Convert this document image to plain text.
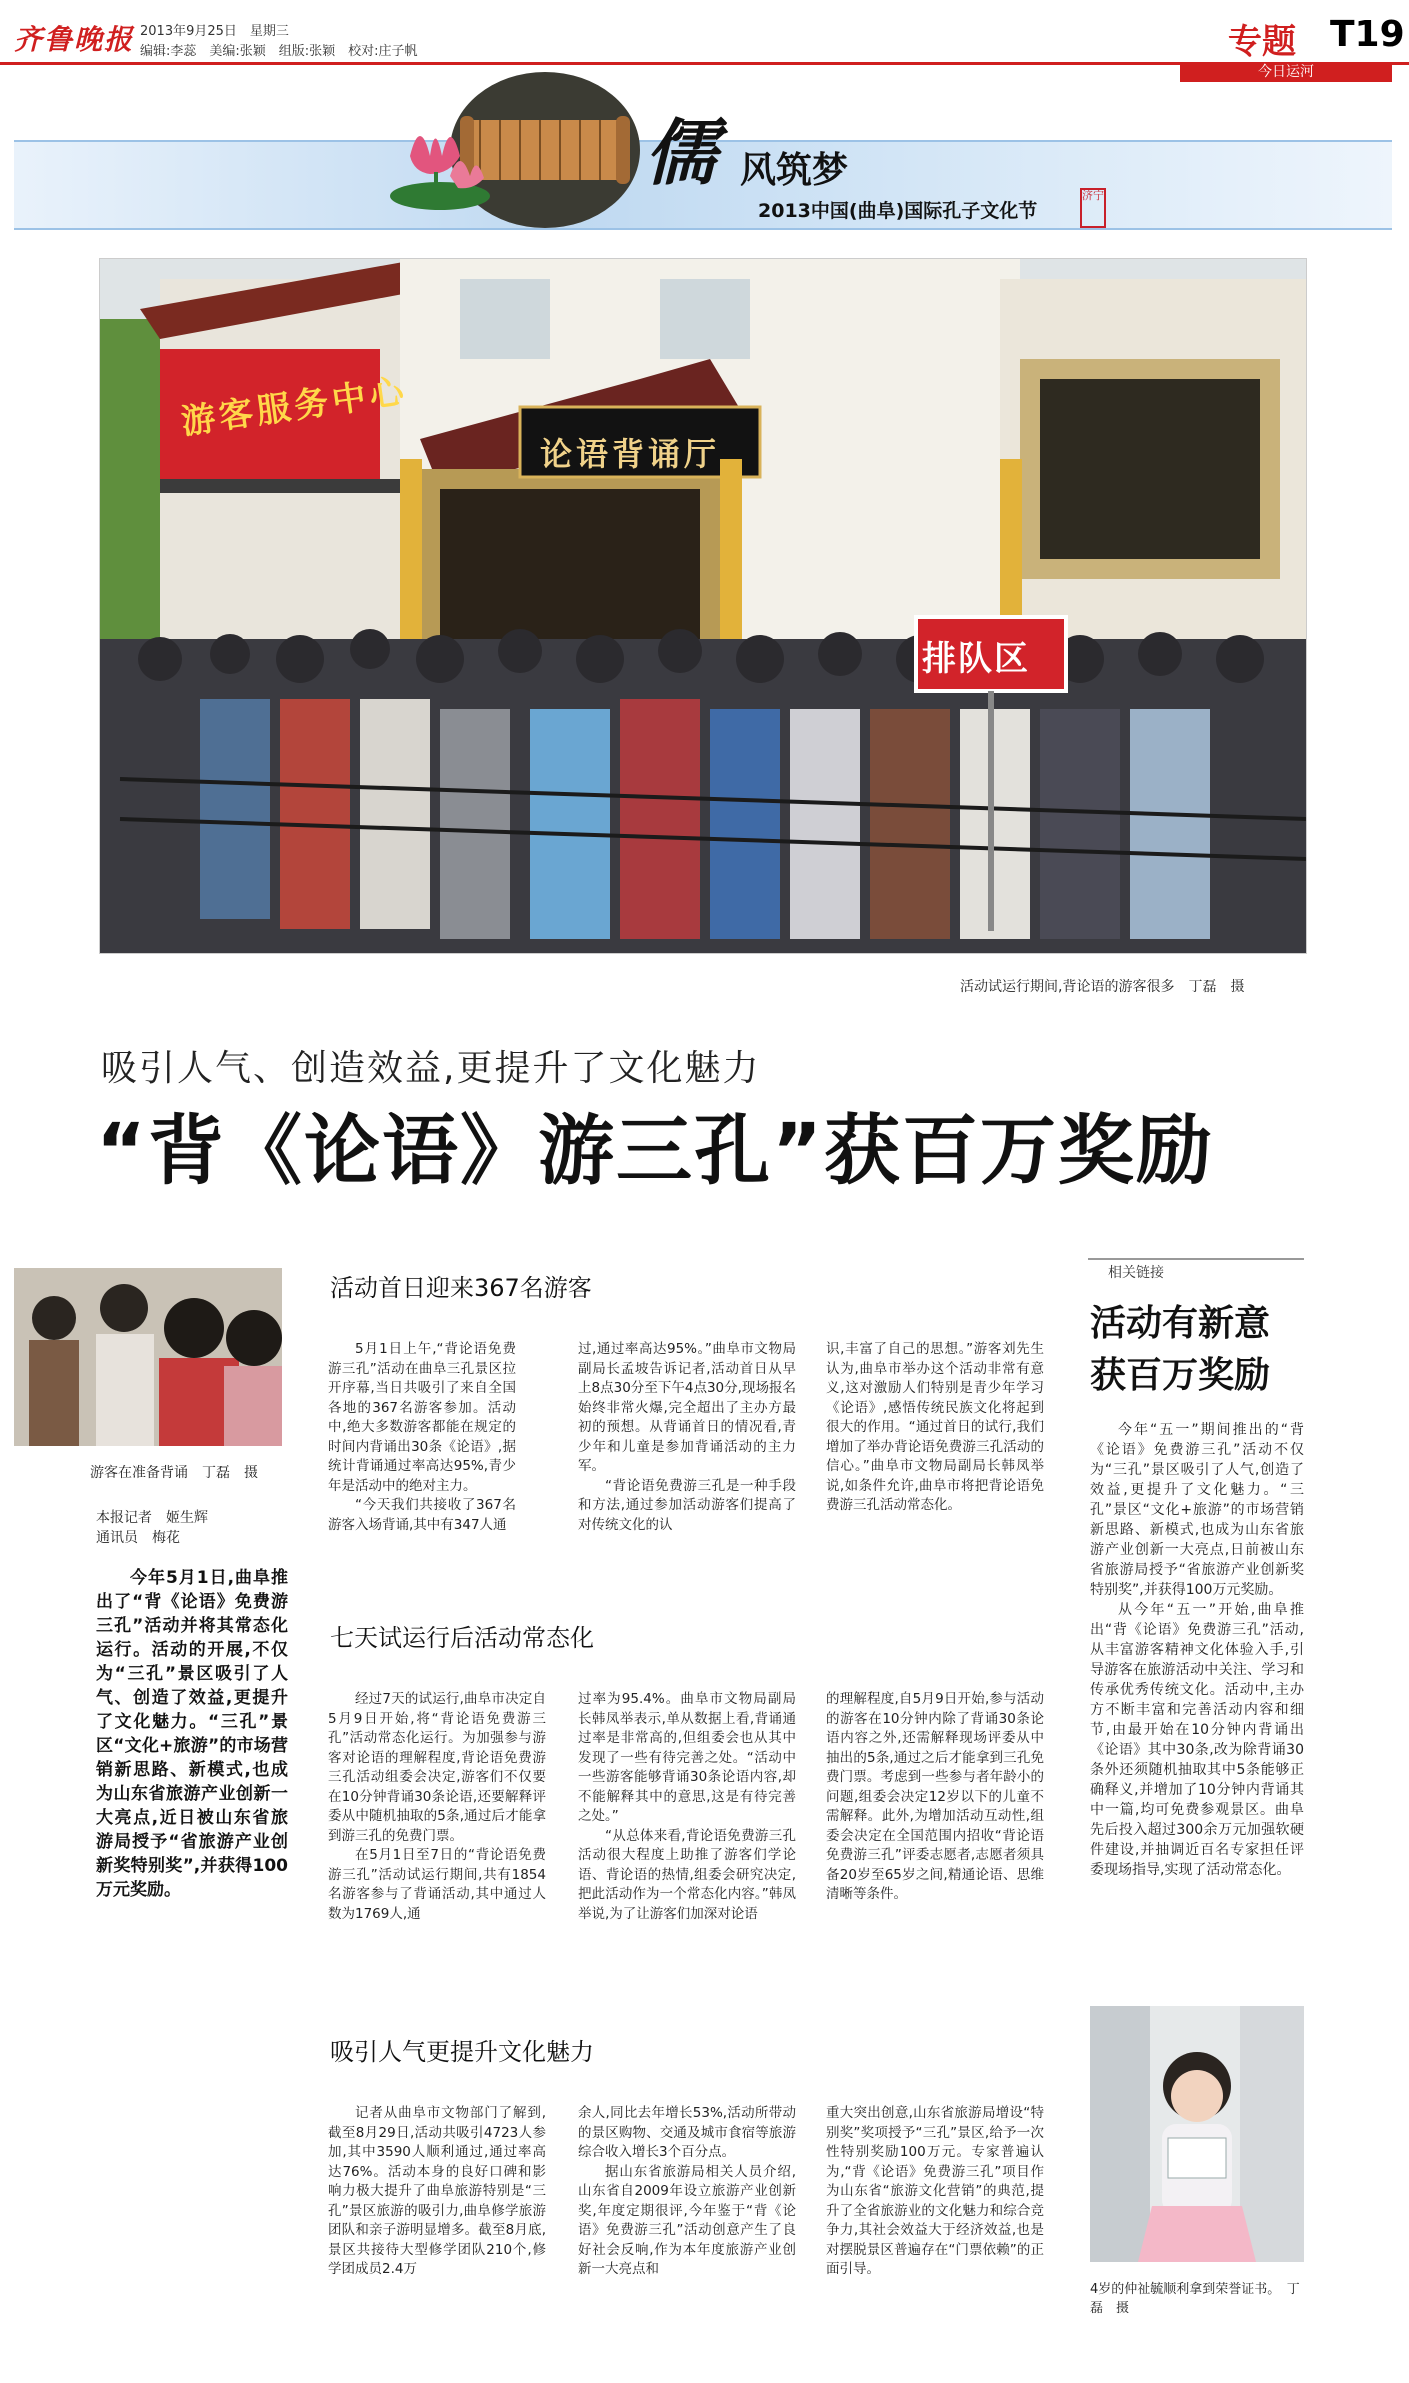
齐鲁晚报 2013年9月25日　星期三
编辑:李蕊　美编:张颖　组版:张颖　校对:庄子帆	专题 T19
今日运河
儒 风筑梦
2013中国(曲阜)国际孔子文化节
济宁
游客服务中心
论语背诵厅
排队区
活动试运行期间,背论语的游客很多　丁磊　摄
吸引人气、创造效益,更提升了文化魅力
“背《论语》游三孔”获百万奖励
游客在准备背诵　丁磊　摄
本报记者　姬生辉
通讯员　梅花
今年5月1日,曲阜推出了“背《论语》免费游三孔”活动并将其常态化运行。活动的开展,不仅为“三孔”景区吸引了人气、创造了效益,更提升了文化魅力。“三孔”景区“文化+旅游”的市场营销新思路、新模式,也成为山东省旅游产业创新一大亮点,近日被山东省旅游局授予“省旅游产业创新奖特别奖”,并获得100万元奖励。
活动首日迎来367名游客

5月1日上午,“背论语免费游三孔”活动在曲阜三孔景区拉开序幕,当日共吸引了来自全国各地的367名游客参加。活动中,绝大多数游客都能在规定的时间内背诵出30条《论语》,据统计背诵通过率高达95%,青少年是活动中的绝对主力。

“今天我们共接收了367名游客入场背诵,其中有347人通

过,通过率高达95%。”曲阜市文物局副局长孟坡告诉记者,活动首日从早上8点30分至下午4点30分,现场报名始终非常火爆,完全超出了主办方最初的预想。从背诵首日的情况看,青少年和儿童是参加背诵活动的主力军。

“背论语免费游三孔是一种手段和方法,通过参加活动游客们提高了对传统文化的认

识,丰富了自己的思想。”游客刘先生认为,曲阜市举办这个活动非常有意义,这对激励人们特别是青少年学习《论语》,感悟传统民族文化将起到很大的作用。“通过首日的试行,我们增加了举办背论语免费游三孔活动的信心。”曲阜市文物局副局长韩凤举说,如条件允许,曲阜市将把背论语免费游三孔活动常态化。

七天试运行后活动常态化

经过7天的试运行,曲阜市决定自5月9日开始,将“背论语免费游三孔”活动常态化运行。为加强参与游客对论语的理解程度,背论语免费游三孔活动组委会决定,游客们不仅要在10分钟背诵30条论语,还要解释评委从中随机抽取的5条,通过后才能拿到游三孔的免费门票。

在5月1日至7日的“背论语免费游三孔”活动试运行期间,共有1854名游客参与了背诵活动,其中通过人数为1769人,通

过率为95.4%。曲阜市文物局副局长韩凤举表示,单从数据上看,背诵通过率是非常高的,但组委会也从其中发现了一些有待完善之处。“活动中一些游客能够背诵30条论语内容,却不能解释其中的意思,这是有待完善之处。”

“从总体来看,背论语免费游三孔活动很大程度上助推了游客们学论语、背论语的热情,组委会研究决定,把此活动作为一个常态化内容。”韩凤举说,为了让游客们加深对论语

的理解程度,自5月9日开始,参与活动的游客在10分钟内除了背诵30条论语内容之外,还需解释现场评委从中抽出的5条,通过之后才能拿到三孔免费门票。考虑到一些参与者年龄小的问题,组委会决定12岁以下的儿童不需解释。此外,为增加活动互动性,组委会决定在全国范围内招收“背论语免费游三孔”评委志愿者,志愿者须具备20岁至65岁之间,精通论语、思维清晰等条件。

吸引人气更提升文化魅力

记者从曲阜市文物部门了解到,截至8月29日,活动共吸引4723人参加,其中3590人顺利通过,通过率高达76%。活动本身的良好口碑和影响力极大提升了曲阜旅游特别是“三孔”景区旅游的吸引力,曲阜修学旅游团队和亲子游明显增多。截至8月底,景区共接待大型修学团队210个,修学团成员2.4万

余人,同比去年增长53%,活动所带动的景区购物、交通及城市食宿等旅游综合收入增长3个百分点。

据山东省旅游局相关人员介绍,山东省自2009年设立旅游产业创新奖,年度定期很评,今年鉴于“背《论语》免费游三孔”活动创意产生了良好社会反响,作为本年度旅游产业创新一大亮点和

重大突出创意,山东省旅游局增设“特别奖”奖项授予“三孔”景区,给予一次性特别奖励100万元。专家普遍认为,“背《论语》免费游三孔”项目作为山东省“旅游文化营销”的典范,提升了全省旅游业的文化魅力和综合竞争力,其社会效益大于经济效益,也是对摆脱景区普遍存在“门票依赖”的正面引导。

相关链接
活动有新意
获百万奖励

今年“五一”期间推出的“背《论语》免费游三孔”活动不仅为“三孔”景区吸引了人气,创造了效益,更提升了文化魅力。“三孔”景区“文化+旅游”的市场营销新思路、新模式,也成为山东省旅游产业创新一大亮点,日前被山东省旅游局授予“省旅游产业创新奖特别奖”,并获得100万元奖励。

从今年“五一”开始,曲阜推出“背《论语》免费游三孔”活动,从丰富游客精神文化体验入手,引导游客在旅游活动中关注、学习和传承优秀传统文化。活动中,主办方不断丰富和完善活动内容和细节,由最开始在10分钟内背诵出《论语》其中30条,改为除背诵30条外还须随机抽取其中5条能够正确释义,并增加了10分钟内背诵其中一篇,均可免费参观景区。曲阜先后投入超过300余万元加强软硬件建设,并抽调近百名专家担任评委现场指导,实现了活动常态化。

4岁的仲祉毓顺利拿到荣誉证书。　丁磊　摄
